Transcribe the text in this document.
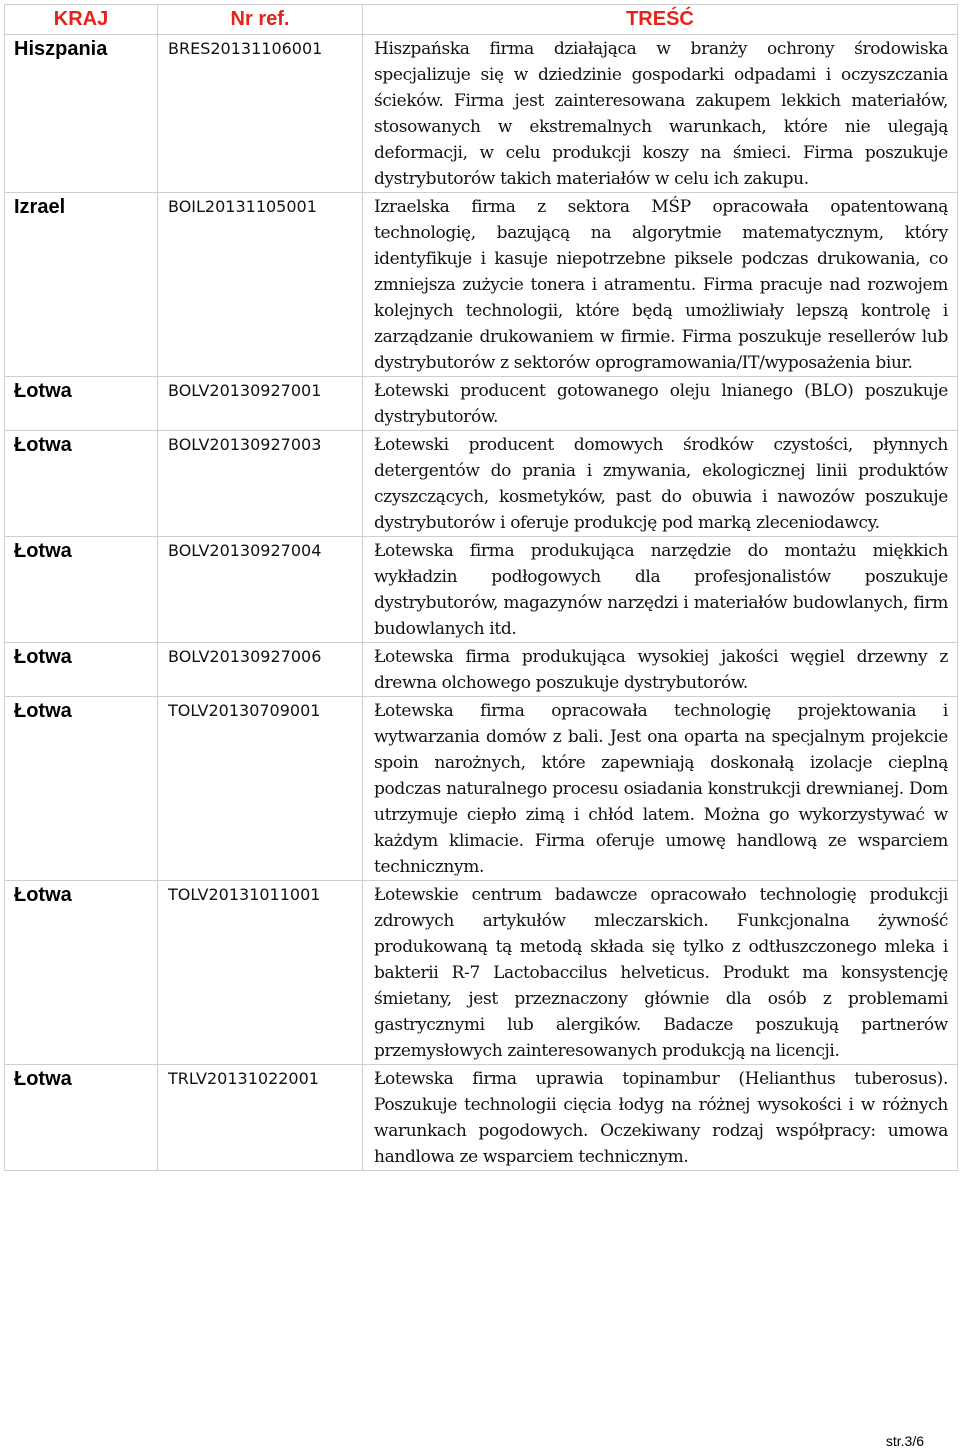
KRAJ	Nr ref.	TREŚĆ
Hiszpania	BRES20131106001	Hiszpańska firma działająca w branży ochrony środowiska specjalizuje się w dziedzinie gospodarki odpadami i oczyszczania ścieków. Firma jest zainteresowana zakupem lekkich materiałów, stosowanych w ekstremalnych warunkach, które nie ulegają deformacji, w celu produkcji koszy na śmieci. Firma poszukuje dystrybutorów takich materiałów w celu ich zakupu.
Izrael	BOIL20131105001	Izraelska firma z sektora MŚP opracowała opatentowaną technologię, bazującą na algorytmie matematycznym, który identyfikuje i kasuje niepotrzebne piksele podczas drukowania, co zmniejsza zużycie tonera i atramentu. Firma pracuje nad rozwojem kolejnych technologii, które będą umożliwiały lepszą kontrolę i zarządzanie drukowaniem w firmie. Firma poszukuje resellerów lub dystrybutorów z sektorów oprogramowania/IT/wyposażenia biur.
Łotwa	BOLV20130927001	Łotewski producent gotowanego oleju lnianego (BLO) poszukuje dystrybutorów.
Łotwa	BOLV20130927003	Łotewski producent domowych środków czystości, płynnych detergentów do prania i zmywania, ekologicznej linii produktów czyszczących, kosmetyków, past do obuwia i nawozów poszukuje dystrybutorów i oferuje produkcję pod marką zleceniodawcy.
Łotwa	BOLV20130927004	Łotewska firma produkująca narzędzie do montażu miękkich wykładzin podłogowych dla profesjonalistów poszukuje dystrybutorów, magazynów narzędzi i materiałów budowlanych, firm budowlanych itd.
Łotwa	BOLV20130927006	Łotewska firma produkująca wysokiej jakości węgiel drzewny z drewna olchowego poszukuje dystrybutorów.
Łotwa	TOLV20130709001	Łotewska firma opracowała technologię projektowania i wytwarzania domów z bali. Jest ona oparta na specjalnym projekcie spoin narożnych, które zapewniają doskonałą izolacje cieplną podczas naturalnego procesu osiadania konstrukcji drewnianej. Dom utrzymuje ciepło zimą i chłód latem. Można go wykorzystywać w każdym klimacie. Firma oferuje umowę handlową ze wsparciem technicznym.
Łotwa	TOLV20131011001	Łotewskie centrum badawcze opracowało technologię produkcji zdrowych artykułów mleczarskich. Funkcjonalna żywność produkowaną tą metodą składa się tylko z odtłuszczonego mleka i bakterii R-7 Lactobaccilus helveticus. Produkt ma konsystencję śmietany, jest przeznaczony głównie dla osób z problemami gastrycznymi lub alergików. Badacze poszukują partnerów przemysłowych zainteresowanych produkcją na licencji.
Łotwa	TRLV20131022001	Łotewska firma uprawia topinambur (Helianthus tuberosus). Poszukuje technologii cięcia łodyg na różnej wysokości i w różnych warunkach pogodowych. Oczekiwany rodzaj współpracy: umowa handlowa ze wsparciem technicznym.
str.3/6
